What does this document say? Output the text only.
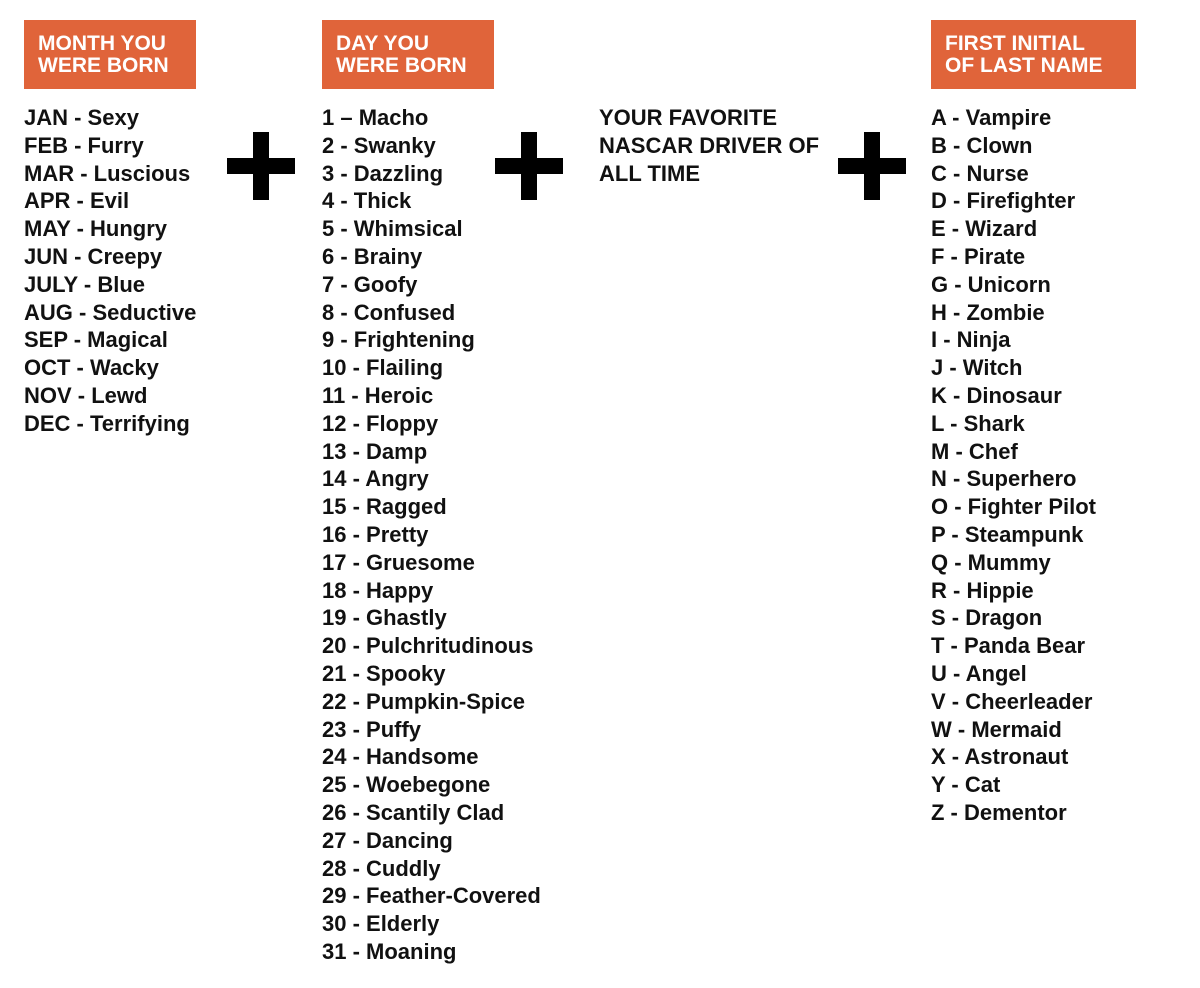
MONTH YOU
WERE BORN
JAN - Sexy
FEB - Furry
MAR - Luscious
APR - Evil
MAY - Hungry
JUN - Creepy
JULY - Blue
AUG - Seductive
SEP - Magical
OCT - Wacky
NOV - Lewd
DEC - Terrifying
DAY YOU
WERE BORN
1 – Macho
2 - Swanky
3 - Dazzling
4 - Thick
5 - Whimsical
6 - Brainy
7 - Goofy
8 - Confused
9 - Frightening
10 - Flailing
11 - Heroic
12 - Floppy
13 - Damp
14 - Angry
15 - Ragged
16 - Pretty
17 - Gruesome
18 - Happy
19 - Ghastly
20 - Pulchritudinous
21 - Spooky
22 - Pumpkin-Spice
23 - Puffy
24 - Handsome
25 - Woebegone
26 - Scantily Clad
27 - Dancing
28 - Cuddly
29 - Feather-Covered
30 - Elderly
31 - Moaning
YOUR FAVORITE
NASCAR DRIVER OF
ALL TIME
FIRST INITIAL
OF LAST NAME
A - Vampire
B - Clown
C - Nurse
D - Firefighter
E - Wizard
F - Pirate
G - Unicorn
H - Zombie
I - Ninja
J - Witch
K - Dinosaur
L - Shark
M - Chef
N - Superhero
O - Fighter Pilot
P - Steampunk
Q - Mummy
R - Hippie
S - Dragon
T - Panda Bear
U - Angel
V - Cheerleader
W - Mermaid
X - Astronaut
Y - Cat
Z - Dementor
